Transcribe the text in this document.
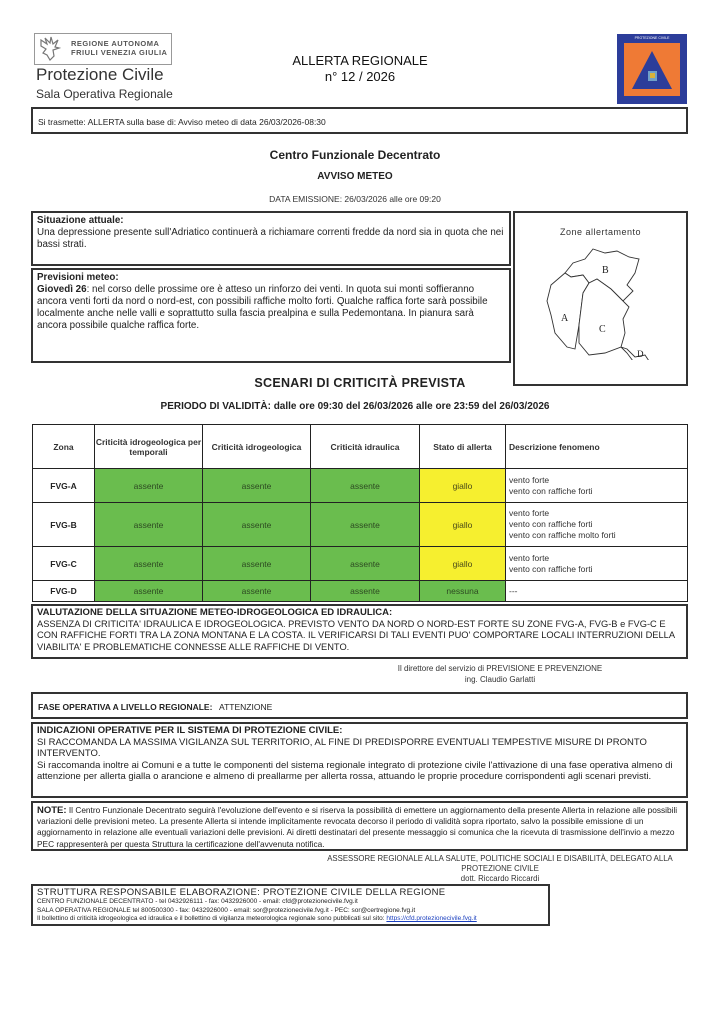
REGIONE AUTONOMA
FRIULI VENEZIA GIULIA
Protezione Civile
Sala Operativa Regionale
ALLERTA REGIONALE
n° 12 / 2026
PROTEZIONE CIVILE
Si trasmette: ALLERTA sulla base di: Avviso meteo di data 26/03/2026-08:30
Centro Funzionale Decentrato
AVVISO METEO
DATA EMISSIONE: 26/03/2026 alle ore 09:20
Situazione attuale:
Una depressione presente sull'Adriatico continuerà a richiamare correnti fredde da nord sia in quota che nei bassi strati.
Previsioni meteo:
Giovedì 26: nel corso delle prossime ore è atteso un rinforzo dei venti. In quota sui monti soffieranno ancora venti forti da nord o nord-est, con possibili raffiche molto forti. Qualche raffica forte sarà possibile localmente anche nelle valli e soprattutto sulla fascia prealpina e sulla Pedemontana. In pianura sarà ancora possibile qualche raffica forte.
Zone allertamento
B
A
C
D
SCENARI DI CRITICITÀ PREVISTA
PERIODO DI VALIDITÀ: dalle ore 09:30 del 26/03/2026 alle ore 23:59 del 26/03/2026
Zona	Criticità idrogeologica per temporali	Criticità idrogeologica	Criticità idraulica	Stato di allerta	Descrizione fenomeno
FVG-A	assente	assente	assente	giallo	vento forte
vento con raffiche forti

FVG-B	assente	assente	assente	giallo	vento forte
vento con raffiche forti
vento con raffiche molto forti

FVG-C	assente	assente	assente	giallo	vento forte
vento con raffiche forti

FVG-D	assente	assente	assente	nessuna	---
VALUTAZIONE DELLA SITUAZIONE METEO-IDROGEOLOGICA ED IDRAULICA:
ASSENZA DI CRITICITA' IDRAULICA E IDROGEOLOGICA. PREVISTO VENTO DA NORD O NORD-EST FORTE SU ZONE FVG-A, FVG-B e FVG-C E CON RAFFICHE FORTI TRA LA ZONA MONTANA E LA COSTA. IL VERIFICARSI DI TALI EVENTI PUO' COMPORTARE LOCALI INTERRUZIONI DELLA VIABILITA' E PROBLEMATICHE CONNESSE ALLE RAFFICHE DI VENTO.
Il direttore del servizio di PREVISIONE E PREVENZIONE
ing. Claudio Garlatti
FASE OPERATIVA A LIVELLO REGIONALE: ATTENZIONE
INDICAZIONI OPERATIVE PER IL SISTEMA DI PROTEZIONE CIVILE:
SI RACCOMANDA LA MASSIMA VIGILANZA SUL TERRITORIO, AL FINE DI PREDISPORRE EVENTUALI TEMPESTIVE MISURE DI PRONTO INTERVENTO.
Si raccomanda inoltre ai Comuni e a tutte le componenti del sistema regionale integrato di protezione civile l'attivazione di una fase operativa almeno di attenzione per allerta gialla o arancione e almeno di preallarme per allerta rossa, attuando le proprie procedure corrispondenti agli scenari previsti.
NOTE: Il Centro Funzionale Decentrato seguirà l'evoluzione dell'evento e si riserva la possibilità di emettere un aggiornamento della presente Allerta in relazione alle possibili variazioni delle previsioni meteo. La presente Allerta si intende implicitamente revocata decorso il periodo di validità sopra riportato, salvo la possibile emissione di un aggiornamento in relazione alle eventuali variazioni delle previsioni. Ai diretti destinatari del presente messaggio si comunica che la ricevuta di trasmissione dell'invio a mezzo PEC rappresenterà per questa Struttura la certificazione dell'avvenuta notifica.
ASSESSORE REGIONALE ALLA SALUTE, POLITICHE SOCIALI E DISABILITÀ, DELEGATO ALLA
PROTEZIONE CIVILE
dott. Riccardo Riccardi
STRUTTURA RESPONSABILE ELABORAZIONE: PROTEZIONE CIVILE DELLA REGIONE
CENTRO FUNZIONALE DECENTRATO - tel 0432926111 - fax: 0432926000 - email: cfd@protezionecivile.fvg.it
SALA OPERATIVA REGIONALE tel 800500300 - fax: 0432926000 - email: sor@protezionecivile.fvg.it - PEC: sor@certregione.fvg.it
Il bollettino di criticità idrogeologica ed idraulica e il bollettino di vigilanza meteorologica regionale sono pubblicati sul sito: https://cfd.protezionecivile.fvg.it
